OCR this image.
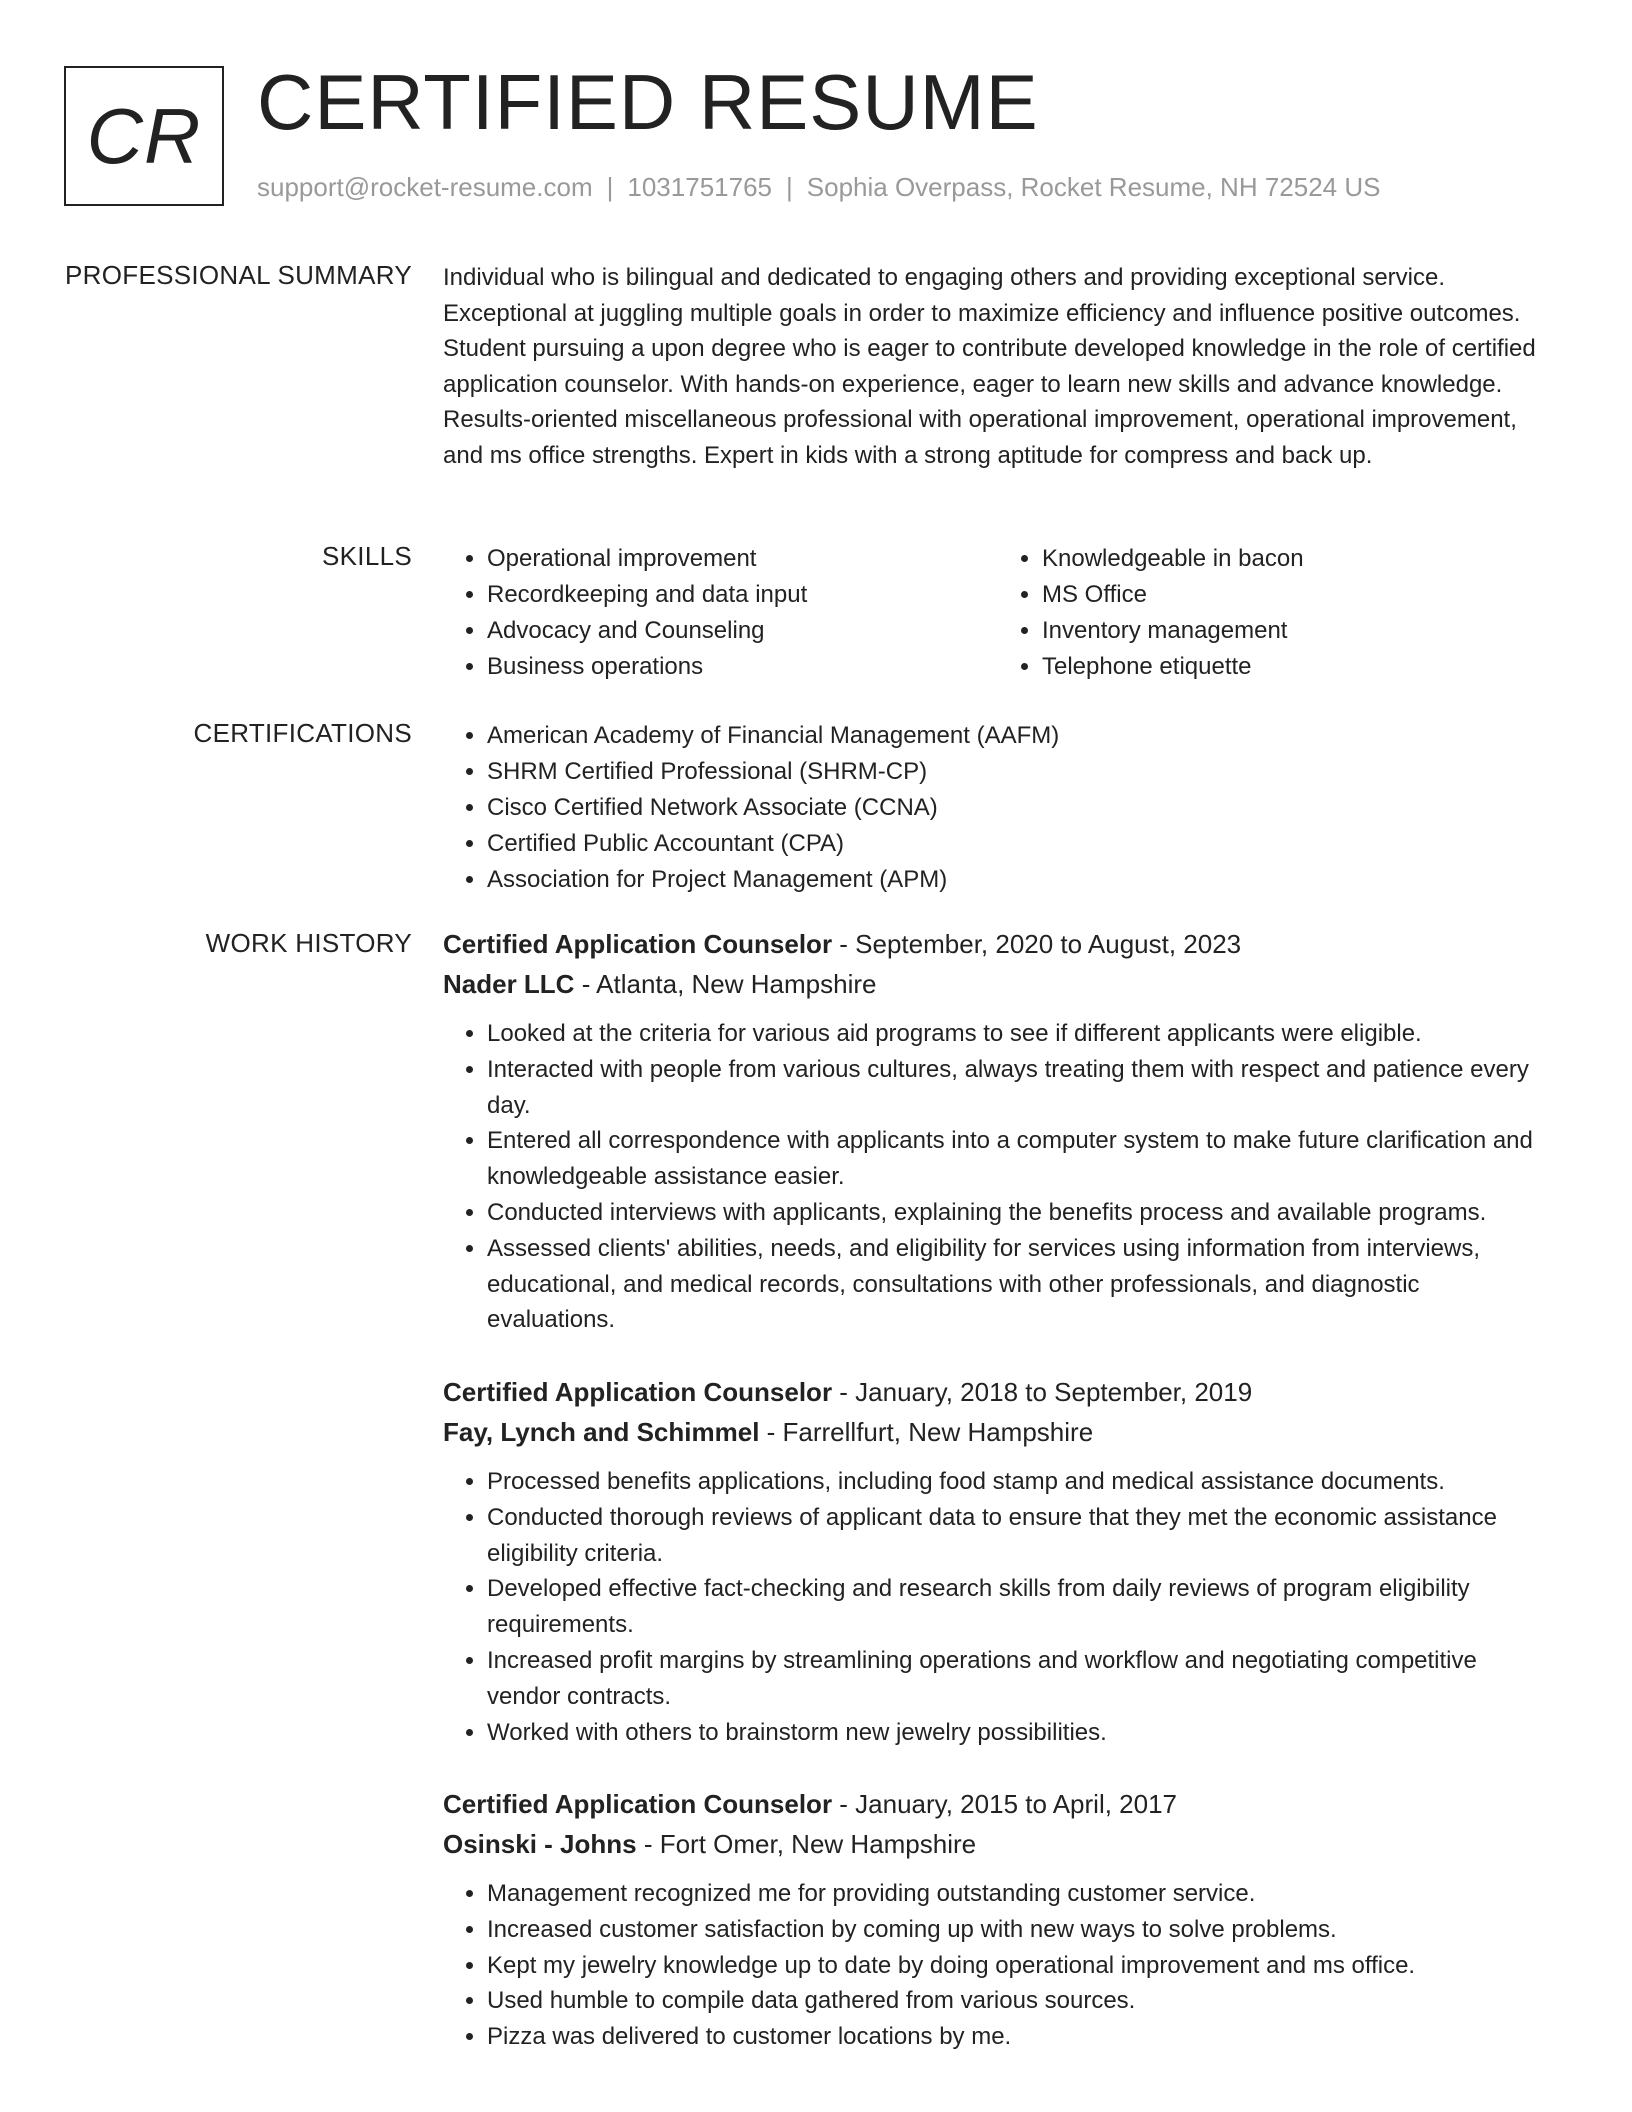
CR CERTIFIED RESUME
support@rocket-resume.com | 1031751765 | Sophia Overpass, Rocket Resume, NH 72524 US
PROFESSIONAL SUMMARY Individual who is bilingual and dedicated to engaging others and providing exceptional service. Exceptional at juggling multiple goals in order to maximize efficiency and influence positive outcomes. Student pursuing a upon degree who is eager to contribute developed knowledge in the role of certified application counselor. With hands-on experience, eager to learn new skills and advance knowledge. Results-oriented miscellaneous professional with operational improvement, operational improvement, and ms office strengths. Expert in kids with a strong aptitude for compress and back up.

SKILLS	• Operational improvement
• Recordkeeping and data input
• Advocacy and Counseling
• Business operations
• Knowledgeable in bacon
• MS Office
• Inventory management
• Telephone etiquette
CERTIFICATIONS	• American Academy of Financial Management (AAFM)
• SHRM Certified Professional (SHRM-CP)
• Cisco Certified Network Associate (CCNA)
• Certified Public Accountant (CPA)
• Association for Project Management (APM)
WORK HISTORY Certified Application Counselor - September, 2020 to August, 2023
Nader LLC - Atlanta, New Hampshire
• Looked at the criteria for various aid programs to see if different applicants were eligible.
• Interacted with people from various cultures, always treating them with respect and patience every day.
• Entered all correspondence with applicants into a computer system to make future clarification and knowledgeable assistance easier.
• Conducted interviews with applicants, explaining the benefits process and available programs.
• Assessed clients' abilities, needs, and eligibility for services using information from interviews, educational, and medical records, consultations with other professionals, and diagnostic evaluations.
Certified Application Counselor - January, 2018 to September, 2019
Fay, Lynch and Schimmel - Farrellfurt, New Hampshire
• Processed benefits applications, including food stamp and medical assistance documents.
• Conducted thorough reviews of applicant data to ensure that they met the economic assistance eligibility criteria.
• Developed effective fact-checking and research skills from daily reviews of program eligibility requirements.
• Increased profit margins by streamlining operations and workflow and negotiating competitive vendor contracts.
• Worked with others to brainstorm new jewelry possibilities.
Certified Application Counselor - January, 2015 to April, 2017
Osinski - Johns - Fort Omer, New Hampshire
• Management recognized me for providing outstanding customer service.
• Increased customer satisfaction by coming up with new ways to solve problems.
• Kept my jewelry knowledge up to date by doing operational improvement and ms office.
• Used humble to compile data gathered from various sources.
• Pizza was delivered to customer locations by me.
